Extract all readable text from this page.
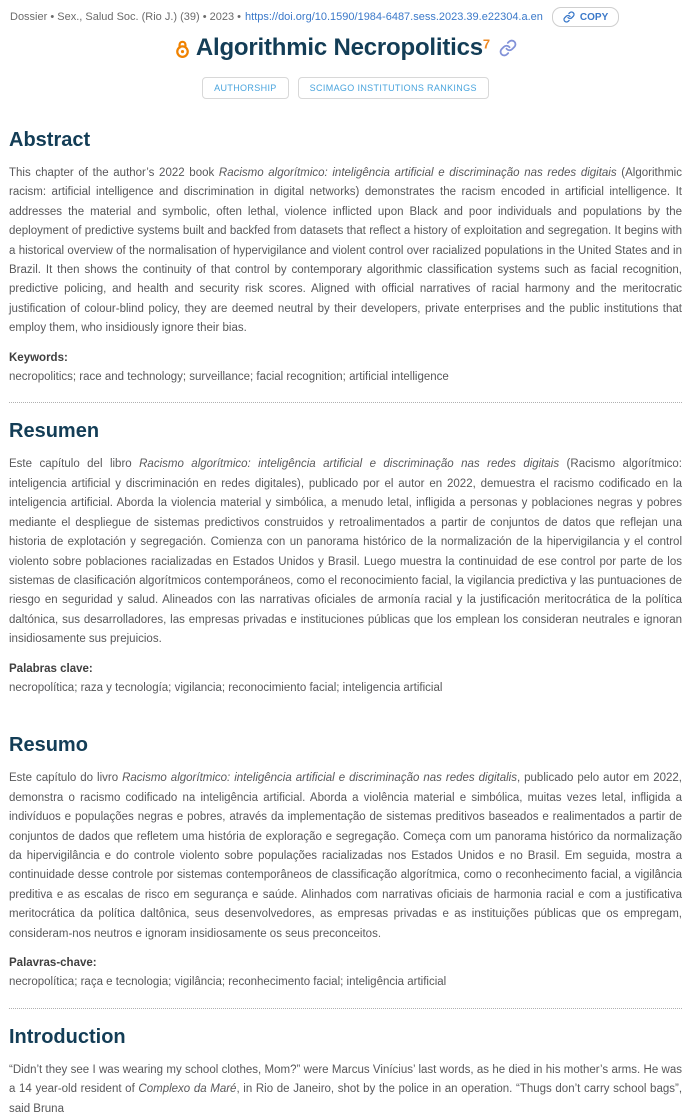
Dossier • Sex., Salud Soc. (Rio J.) (39) • 2023 • https://doi.org/10.1590/1984-6487.sess.2023.39.e22304.a.en	COPY
Algorithmic Necropolitics$^7$
AUTHORSHIP	SCIMAGO INSTITUTIONS RANKINGS
Abstract

This chapter of the author’s 2022 book Racismo algorítmico: inteligência artificial e discriminação nas redes digitais (Algorithmic racism: artificial intelligence and discrimination in digital networks) demonstrates the racism encoded in artificial intelligence. It addresses the material and symbolic, often lethal, violence inflicted upon Black and poor individuals and populations by the deployment of predictive systems built and backfed from datasets that reflect a history of exploitation and segregation. It begins with a historical overview of the normalisation of hypervigilance and violent control over racialized populations in the United States and in Brazil. It then shows the continuity of that control by contemporary algorithmic classification systems such as facial recognition, predictive policing, and health and security risk scores. Aligned with official narratives of racial harmony and the meritocratic justification of colour-blind policy, they are deemed neutral by their developers, private enterprises and the public institutions that employ them, who insidiously ignore their bias.

Keywords:
necropolitics; race and technology; surveillance; facial recognition; artificial intelligence
Resumen

Este capítulo del libro Racismo algorítmico: inteligência artificial e discriminação nas redes digitais (Racismo algorítmico: inteligencia artificial y discriminación en redes digitales), publicado por el autor en 2022, demuestra el racismo codificado en la inteligencia artificial. Aborda la violencia material y simbólica, a menudo letal, infligida a personas y poblaciones negras y pobres mediante el despliegue de sistemas predictivos construidos y retroalimentados a partir de conjuntos de datos que reflejan una historia de explotación y segregación. Comienza con un panorama histórico de la normalización de la hipervigilancia y el control violento sobre poblaciones racializadas en Estados Unidos y Brasil. Luego muestra la continuidad de ese control por parte de los sistemas de clasificación algorítmicos contemporáneos, como el reconocimiento facial, la vigilancia predictiva y las puntuaciones de riesgo en seguridad y salud. Alineados con las narrativas oficiales de armonía racial y la justificación meritocrática de la política daltónica, sus desarrolladores, las empresas privadas e instituciones públicas que los emplean los consideran neutrales e ignoran insidiosamente sus prejuicios.

Palabras clave:
necropolítica; raza y tecnología; vigilancia; reconocimiento facial; inteligencia artificial
Resumo

Este capítulo do livro Racismo algorítmico: inteligência artificial e discriminação nas redes digitalis, publicado pelo autor em 2022, demonstra o racismo codificado na inteligência artificial. Aborda a violência material e simbólica, muitas vezes letal, infligida a indivíduos e populações negras e pobres, através da implementação de sistemas preditivos baseados e realimentados a partir de conjuntos de dados que refletem uma história de exploração e segregação. Começa com um panorama histórico da normalização da hipervigilância e do controle violento sobre populações racializadas nos Estados Unidos e no Brasil. Em seguida, mostra a continuidade desse controle por sistemas contemporâneos de classificação algorítmica, como o reconhecimento facial, a vigilância preditiva e as escalas de risco em segurança e saúde. Alinhados com narrativas oficiais de harmonia racial e com a justificativa meritocrática da política daltônica, seus desenvolvedores, as empresas privadas e as instituições públicas que os empregam, consideram-nos neutros e ignoram insidiosamente os seus preconceitos.

Palavras-chave:
necropolítica; raça e tecnologia; vigilância; reconhecimento facial; inteligência artificial
Introduction

“Didn’t they see I was wearing my school clothes, Mom?” were Marcus Vinícius’ last words, as he died in his mother’s arms. He was a 14 year-old resident of Complexo da Maré, in Rio de Janeiro, shot by the police in an operation. “Thugs don’t carry school bags”, said Bruna
